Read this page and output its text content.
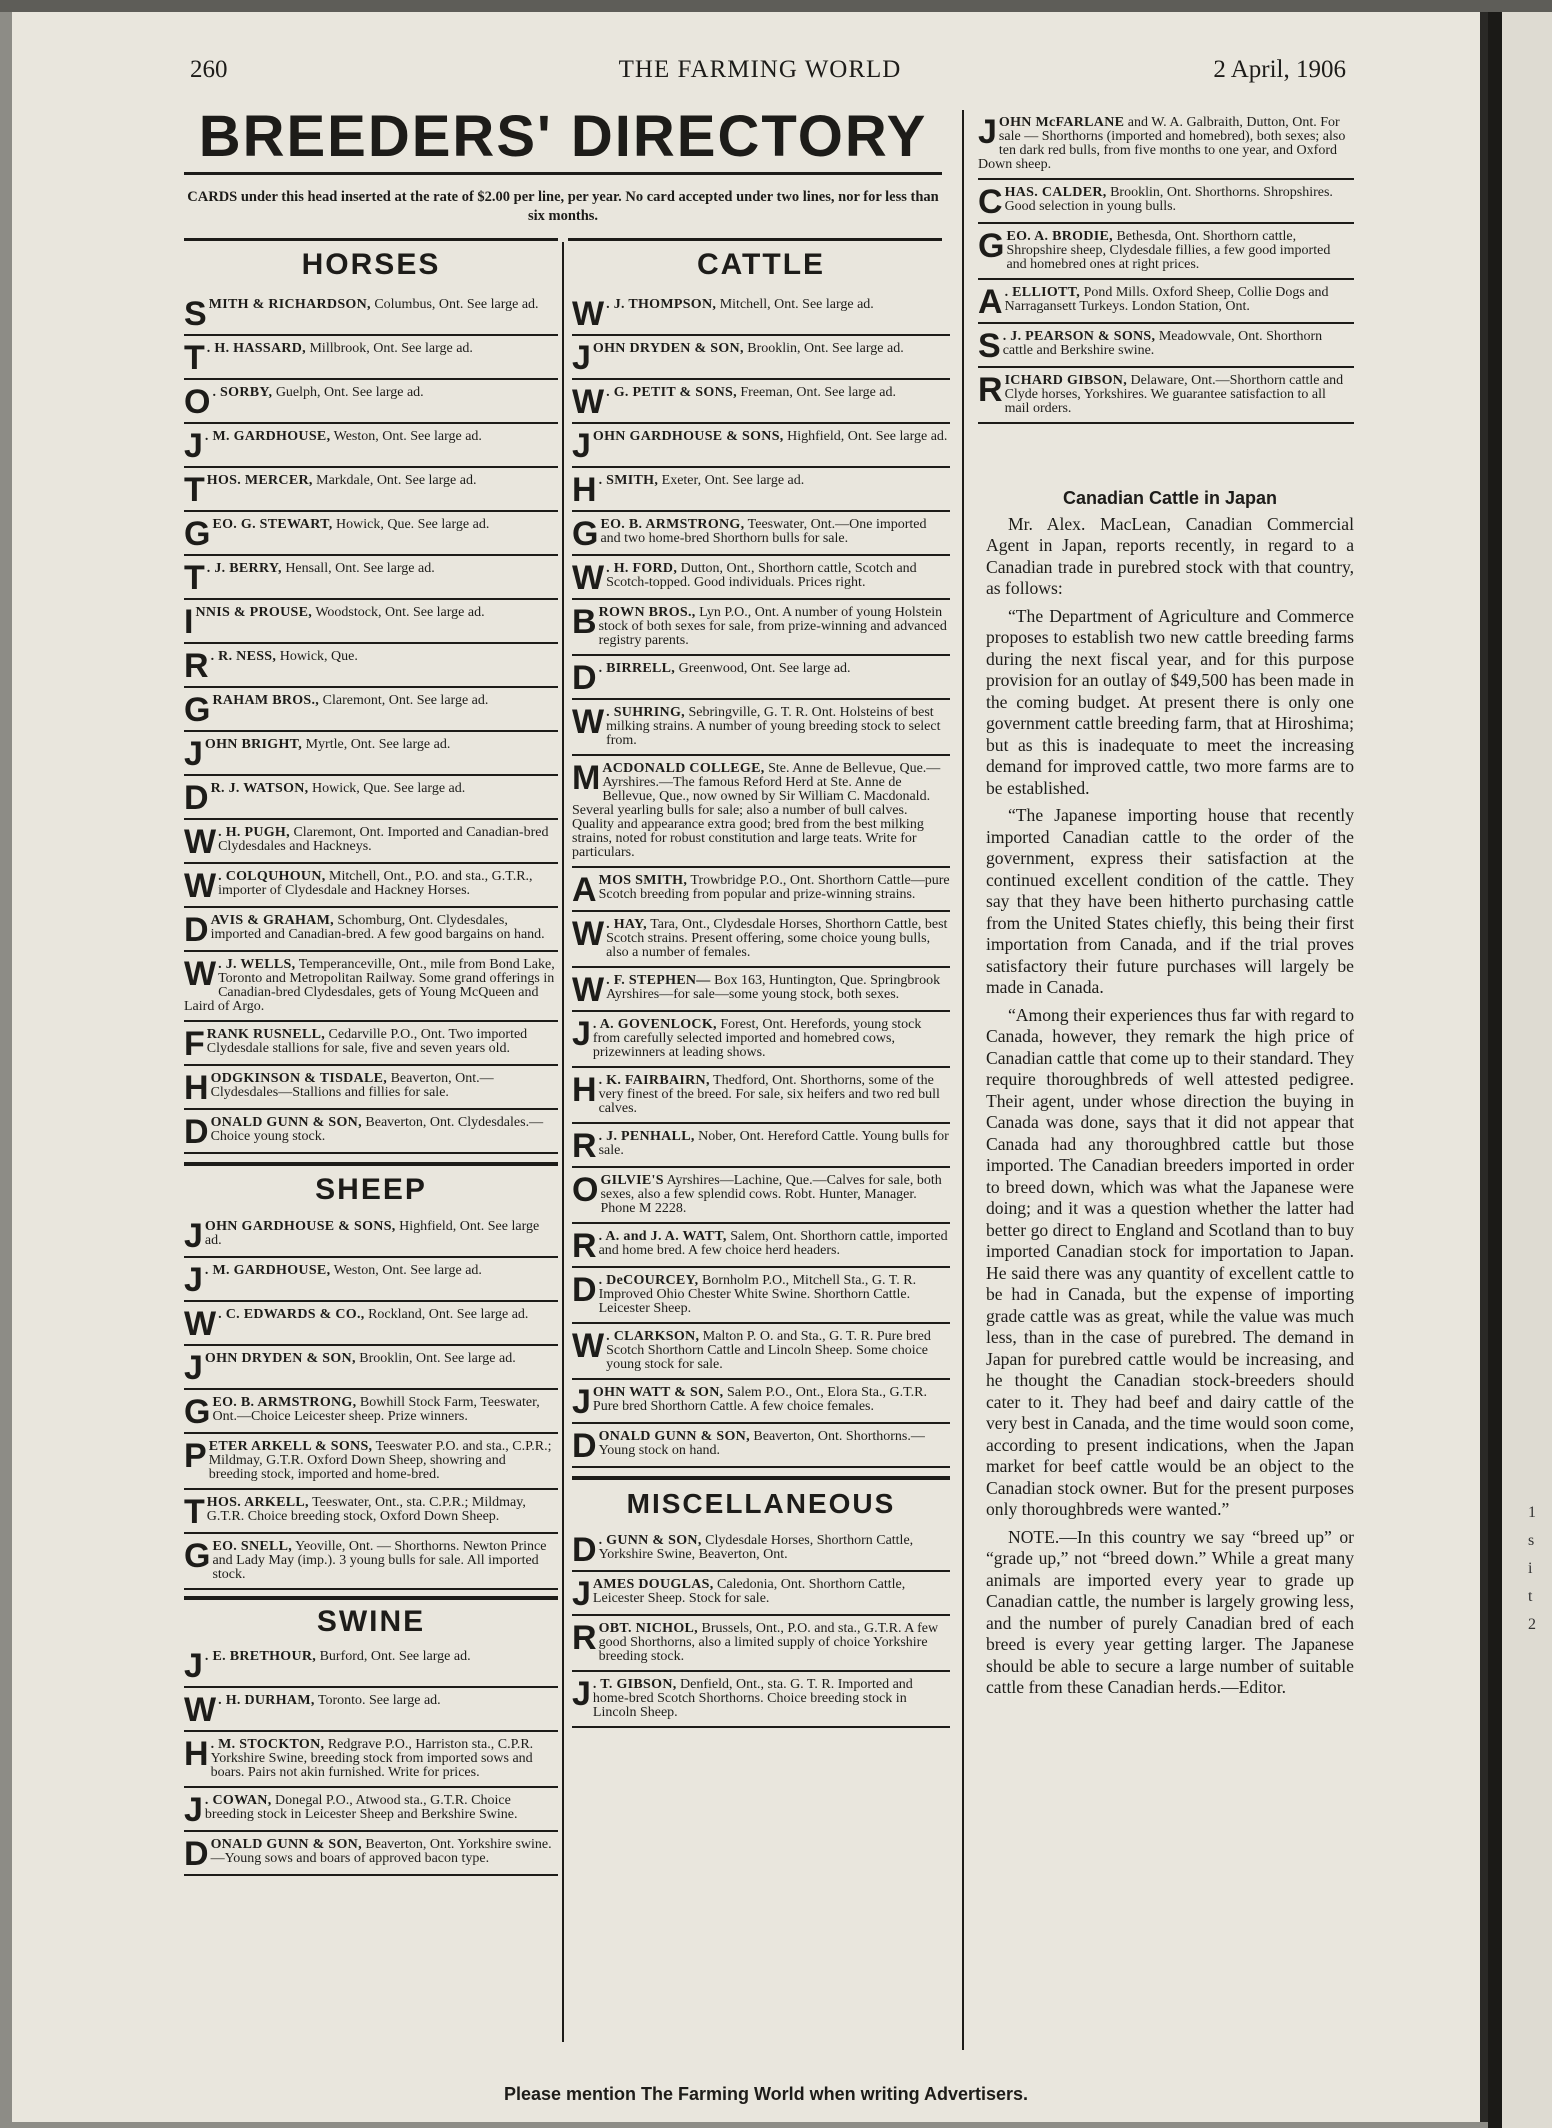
1
s
i
t
2
260	THE FARMING WORLD	2 April, 1906
BREEDERS' DIRECTORY
CARDS under this head inserted at the rate of $2.00 per line, per year. No card accepted under two lines, nor for less than six months.
HORSES
SMITH & RICHARDSON, Columbus, Ont. See large ad.
T . H. HASSARD, Millbrook, Ont. See large ad.
O . SORBY, Guelph, Ont. See large ad.
J . M. GARDHOUSE, Weston, Ont. See large ad.
THOS. MERCER, Markdale, Ont. See large ad.
GEO. G. STEWART, Howick, Que. See large ad.
T . J. BERRY, Hensall, Ont. See large ad.
INNIS & PROUSE, Woodstock, Ont. See large ad.
R . R. NESS, Howick, Que.
GRAHAM BROS., Claremont, Ont. See large ad.
JOHN BRIGHT, Myrtle, Ont. See large ad.
D R. J. WATSON, Howick, Que. See large ad.
W . H. PUGH, Claremont, Ont. Imported and Canadian-bred Clydesdales and Hackneys.
W . COLQUHOUN, Mitchell, Ont., P.O. and sta., G.T.R., importer of Clydesdale and Hackney Horses.
DAVIS & GRAHAM, Schomburg, Ont. Clydesdales, imported and Canadian-bred. A few good bargains on hand.
W . J. WELLS, Temperanceville, Ont., mile from Bond Lake, Toronto and Metropolitan Railway. Some grand offerings in Canadian-bred Clydesdales, gets of Young McQueen and Laird of Argo.
FRANK RUSNELL, Cedarville P.O., Ont. Two imported Clydesdale stallions for sale, five and seven years old.
HODGKINSON & TISDALE, Beaverton, Ont.—Clydesdales—Stallions and fillies for sale.
DONALD GUNN & SON, Beaverton, Ont. Clydesdales.—Choice young stock.
SHEEP
JOHN GARDHOUSE & SONS, Highfield, Ont. See large ad.
J . M. GARDHOUSE, Weston, Ont. See large ad.
W . C. EDWARDS & CO., Rockland, Ont. See large ad.
JOHN DRYDEN & SON, Brooklin, Ont. See large ad.
GEO. B. ARMSTRONG, Bowhill Stock Farm, Teeswater, Ont.—Choice Leicester sheep. Prize winners.
PETER ARKELL & SONS, Teeswater P.O. and sta., C.P.R.; Mildmay, G.T.R. Oxford Down Sheep, showring and breeding stock, imported and home-bred.
THOS. ARKELL, Teeswater, Ont., sta. C.P.R.; Mildmay, G.T.R. Choice breeding stock, Oxford Down Sheep.
GEO. SNELL, Yeoville, Ont. — Shorthorns. Newton Prince and Lady May (imp.). 3 young bulls for sale. All imported stock.
SWINE
J . E. BRETHOUR, Burford, Ont. See large ad.
W . H. DURHAM, Toronto. See large ad.
H . M. STOCKTON, Redgrave P.O., Harriston sta., C.P.R. Yorkshire Swine, breeding stock from imported sows and boars. Pairs not akin furnished. Write for prices.
J . COWAN, Donegal P.O., Atwood sta., G.T.R. Choice breeding stock in Leicester Sheep and Berkshire Swine.
DONALD GUNN & SON, Beaverton, Ont. Yorkshire swine.—Young sows and boars of approved bacon type.
CATTLE
W . J. THOMPSON, Mitchell, Ont. See large ad.
JOHN DRYDEN & SON, Brooklin, Ont. See large ad.
W . G. PETIT & SONS, Freeman, Ont. See large ad.
JOHN GARDHOUSE & SONS, Highfield, Ont. See large ad.
H . SMITH, Exeter, Ont. See large ad.
GEO. B. ARMSTRONG, Teeswater, Ont.—One imported and two home-bred Shorthorn bulls for sale.
W . H. FORD, Dutton, Ont., Shorthorn cattle, Scotch and Scotch-topped. Good individuals. Prices right.
BROWN BROS., Lyn P.O., Ont. A number of young Holstein stock of both sexes for sale, from prize-winning and advanced registry parents.
D . BIRRELL, Greenwood, Ont. See large ad.
W . SUHRING, Sebringville, G. T. R. Ont. Holsteins of best milking strains. A number of young breeding stock to select from.
MACDONALD COLLEGE, Ste. Anne de Bellevue, Que.—Ayrshires.—The famous Reford Herd at Ste. Anne de Bellevue, Que., now owned by Sir William C. Macdonald. Several yearling bulls for sale; also a number of bull calves. Quality and appearance extra good; bred from the best milking strains, noted for robust constitution and large teats. Write for particulars.
AMOS SMITH, Trowbridge P.O., Ont. Shorthorn Cattle—pure Scotch breeding from popular and prize-winning strains.
W . HAY, Tara, Ont., Clydesdale Horses, Shorthorn Cattle, best Scotch strains. Present offering, some choice young bulls, also a number of females.
W . F. STEPHEN— Box 163, Huntington, Que. Springbrook Ayrshires—for sale—some young stock, both sexes.
J . A. GOVENLOCK, Forest, Ont. Herefords, young stock from carefully selected imported and homebred cows, prizewinners at leading shows.
H . K. FAIRBAIRN, Thedford, Ont. Shorthorns, some of the very finest of the breed. For sale, six heifers and two red bull calves.
R . J. PENHALL, Nober, Ont. Hereford Cattle. Young bulls for sale.
OGILVIE'S Ayrshires—Lachine, Que.—Calves for sale, both sexes, also a few splendid cows. Robt. Hunter, Manager. Phone M 2228.
R . A. and J. A. WATT, Salem, Ont. Shorthorn cattle, imported and home bred. A few choice herd headers.
D . DeCOURCEY, Bornholm P.O., Mitchell Sta., G. T. R. Improved Ohio Chester White Swine. Shorthorn Cattle. Leicester Sheep.
W . CLARKSON, Malton P. O. and Sta., G. T. R. Pure bred Scotch Shorthorn Cattle and Lincoln Sheep. Some choice young stock for sale.
JOHN WATT & SON, Salem P.O., Ont., Elora Sta., G.T.R. Pure bred Shorthorn Cattle. A few choice females.
DONALD GUNN & SON, Beaverton, Ont. Shorthorns.—Young stock on hand.
MISCELLANEOUS
D . GUNN & SON, Clydesdale Horses, Shorthorn Cattle, Yorkshire Swine, Beaverton, Ont.
JAMES DOUGLAS, Caledonia, Ont. Shorthorn Cattle, Leicester Sheep. Stock for sale.
ROBT. NICHOL, Brussels, Ont., P.O. and sta., G.T.R. A few good Shorthorns, also a limited supply of choice Yorkshire breeding stock.
J . T. GIBSON, Denfield, Ont., sta. G. T. R. Imported and home-bred Scotch Shorthorns. Choice breeding stock in Lincoln Sheep.
JOHN McFARLANE and W. A. Galbraith, Dutton, Ont. For sale — Shorthorns (imported and homebred), both sexes; also ten dark red bulls, from five months to one year, and Oxford Down sheep.
CHAS. CALDER, Brooklin, Ont. Shorthorns. Shropshires. Good selection in young bulls.
GEO. A. BRODIE, Bethesda, Ont. Shorthorn cattle, Shropshire sheep, Clydesdale fillies, a few good imported and homebred ones at right prices.
A . ELLIOTT, Pond Mills. Oxford Sheep, Collie Dogs and Narragansett Turkeys. London Station, Ont.
S . J. PEARSON & SONS, Meadowvale, Ont. Shorthorn cattle and Berkshire swine.
RICHARD GIBSON, Delaware, Ont.—Shorthorn cattle and Clyde horses, Yorkshires. We guarantee satisfaction to all mail orders.
Canadian Cattle in Japan

Mr. Alex. MacLean, Canadian Commercial Agent in Japan, reports recently, in regard to a Canadian trade in purebred stock with that country, as follows:

“The Department of Agriculture and Commerce proposes to establish two new cattle breeding farms during the next fiscal year, and for this purpose provision for an outlay of $49,500 has been made in the coming budget. At present there is only one government cattle breeding farm, that at Hiroshima; but as this is inadequate to meet the increasing demand for improved cattle, two more farms are to be established.

“The Japanese importing house that recently imported Canadian cattle to the order of the government, express their satisfaction at the continued excellent condition of the cattle. They say that they have been hitherto purchasing cattle from the United States chiefly, this being their first importation from Canada, and if the trial proves satisfactory their future purchases will largely be made in Canada.

“Among their experiences thus far with regard to Canada, however, they remark the high price of Canadian cattle that come up to their standard. They require thoroughbreds of well attested pedigree. Their agent, under whose direction the buying in Canada was done, says that it did not appear that Canada had any thoroughbred cattle but those imported. The Canadian breeders imported in order to breed down, which was what the Japanese were doing; and it was a question whether the latter had better go direct to England and Scotland than to buy imported Canadian stock for importation to Japan. He said there was any quantity of excellent cattle to be had in Canada, but the expense of importing grade cattle was as great, while the value was much less, than in the case of purebred. The demand in Japan for purebred cattle would be increasing, and he thought the Canadian stock-breeders should cater to it. They had beef and dairy cattle of the very best in Canada, and the time would soon come, according to present indications, when the Japan market for beef cattle would be an object to the Canadian stock owner. But for the present purposes only thoroughbreds were wanted.”

NOTE.—In this country we say “breed up” or “grade up,” not “breed down.” While a great many animals are imported every year to grade up Canadian cattle, the number is largely growing less, and the number of purely Canadian bred of each breed is every year getting larger. The Japanese should be able to secure a large number of suitable cattle from these Canadian herds.—Editor.

Please mention The Farming World when writing Advertisers.
